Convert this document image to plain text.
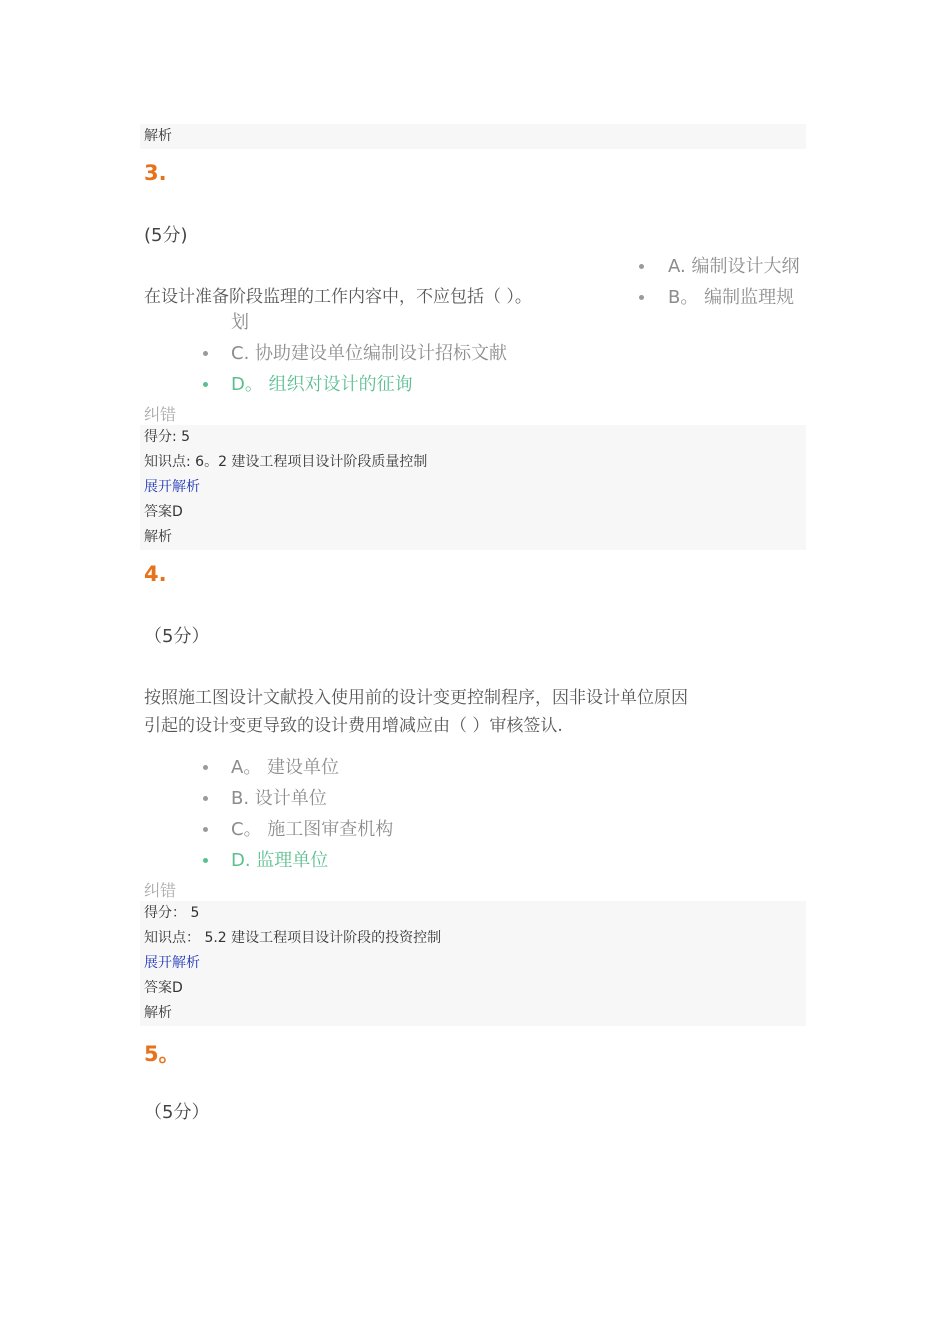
解析
3.
(5分)
在设计准备阶段监理的工作内容中，不应包括（ ）。
A. 编制设计大纲
B。 编制监理规
划
C. 协助建设单位编制设计招标文献
D。 组织对设计的征询
纠错
得分: 5
知识点: 6。2 建设工程项目设计阶段质量控制
展开解析
答案D
解析
4.
（5分）
按照施工图设计文献投入使用前的设计变更控制程序，因非设计单位原因
引起的设计变更导致的设计费用增减应由（ ）审核签认.
A。 建设单位
B. 设计单位
C。 施工图审查机构
D. 监理单位
纠错
得分： 5
知识点： 5.2 建设工程项目设计阶段的投资控制
展开解析
答案D
解析
5。
（5分）
